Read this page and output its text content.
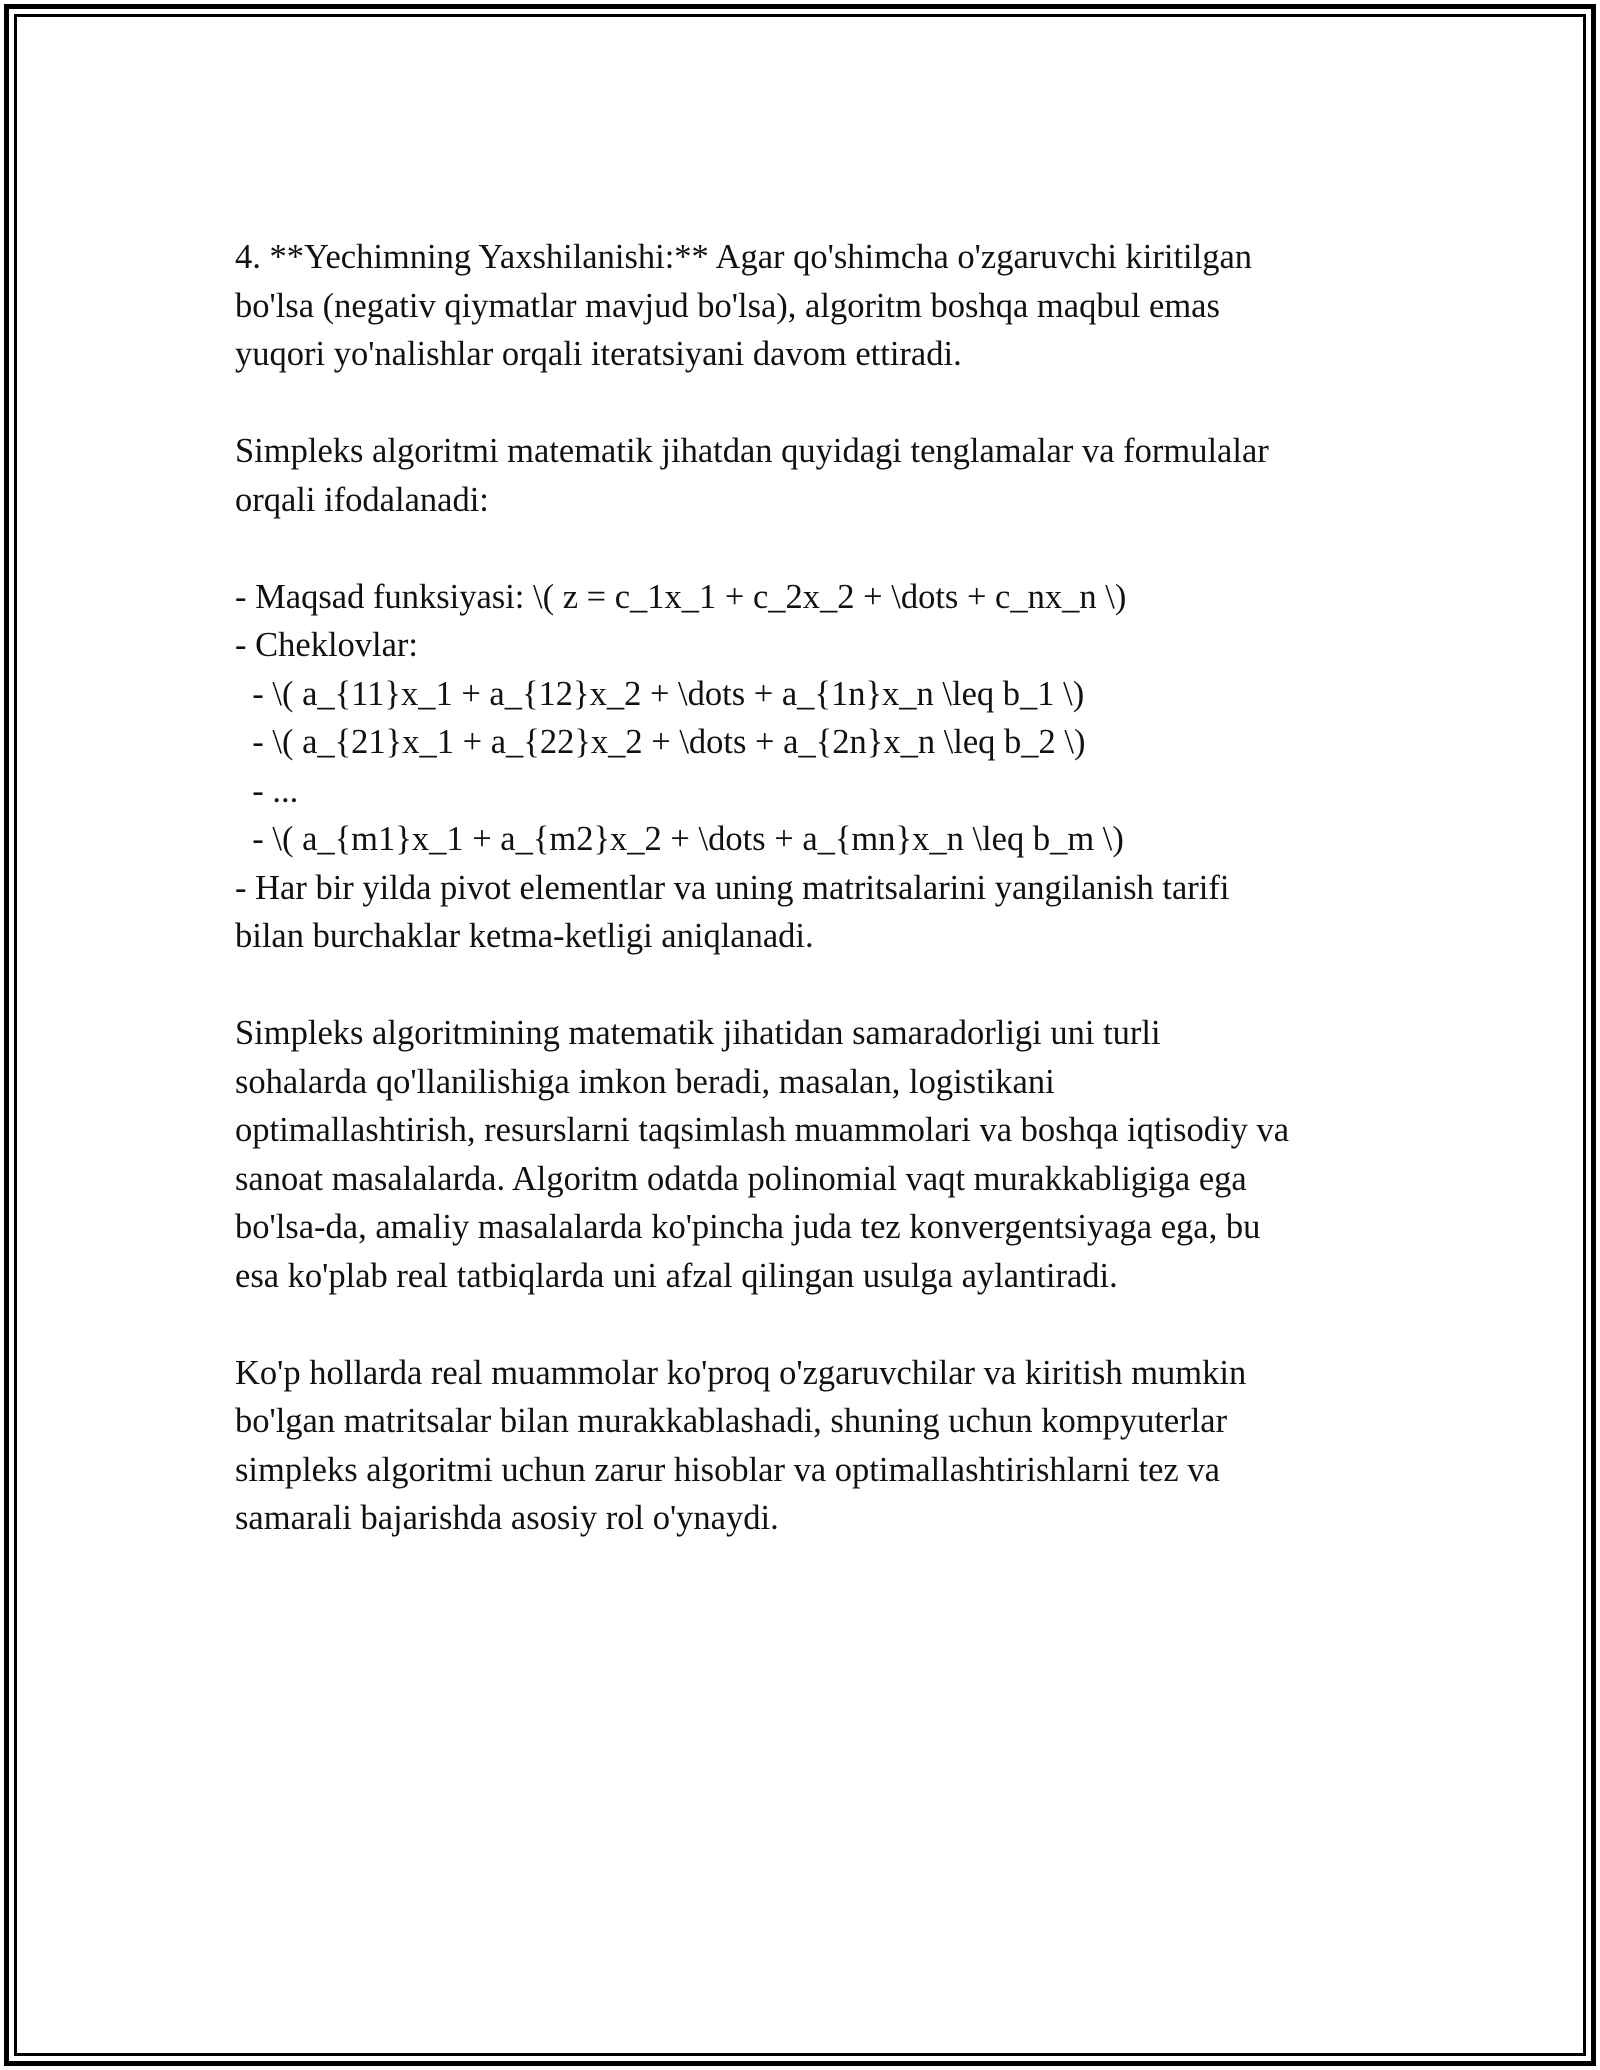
4. **Yechimning Yaxshilanishi:** Agar qo'shimcha o'zgaruvchi kiritilgan
bo'lsa (negativ qiymatlar mavjud bo'lsa), algoritm boshqa maqbul emas
yuqori yo'nalishlar orqali iteratsiyani davom ettiradi.
Simpleks algoritmi matematik jihatdan quyidagi tenglamalar va formulalar
orqali ifodalanadi:
- Maqsad funksiyasi: \( z = c_1x_1 + c_2x_2 + \dots + c_nx_n \)
- Cheklovlar:
- \( a_{11}x_1 + a_{12}x_2 + \dots + a_{1n}x_n \leq b_1 \)
- \( a_{21}x_1 + a_{22}x_2 + \dots + a_{2n}x_n \leq b_2 \)
- ...
- \( a_{m1}x_1 + a_{m2}x_2 + \dots + a_{mn}x_n \leq b_m \)
- Har bir yilda pivot elementlar va uning matritsalarini yangilanish tarifi
bilan burchaklar ketma-ketligi aniqlanadi.
Simpleks algoritmining matematik jihatidan samaradorligi uni turli
sohalarda qo'llanilishiga imkon beradi, masalan, logistikani
optimallashtirish, resurslarni taqsimlash muammolari va boshqa iqtisodiy va
sanoat masalalarda. Algoritm odatda polinomial vaqt murakkabligiga ega
bo'lsa-da, amaliy masalalarda ko'pincha juda tez konvergentsiyaga ega, bu
esa ko'plab real tatbiqlarda uni afzal qilingan usulga aylantiradi.
Ko'p hollarda real muammolar ko'proq o'zgaruvchilar va kiritish mumkin
bo'lgan matritsalar bilan murakkablashadi, shuning uchun kompyuterlar
simpleks algoritmi uchun zarur hisoblar va optimallashtirishlarni tez va
samarali bajarishda asosiy rol o'ynaydi.
